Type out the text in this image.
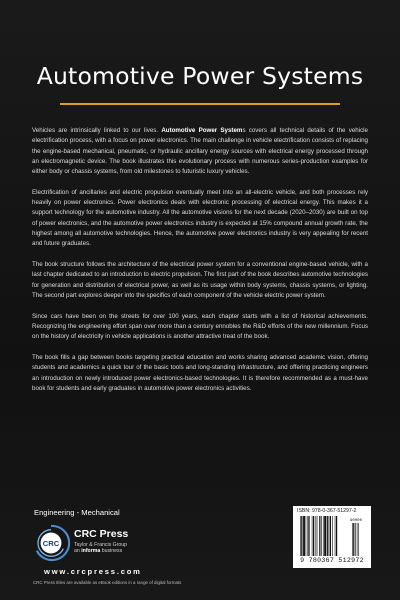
Automotive Power Systems

Vehicles are intrinsically linked to our lives. Automotive Power Systems covers all technical details of the vehicle electrification process, with a focus on power electronics. The main challenge in vehicle electrification consists of replacing the engine-based mechanical, pneumatic, or hydraulic ancillary energy sources with electrical energy processed through an electromagnetic device. The book illustrates this evolutionary process with numerous series-production examples for either body or chassis systems, from old milestones to futuristic luxury vehicles.

Electrification of ancillaries and electric propulsion eventually meet into an all-electric vehicle, and both processes rely heavily on power electronics. Power electronics deals with electronic processing of electrical energy. This makes it a support technology for the automotive industry. All the automotive visions for the next decade (2020–2030) are built on top of power electronics, and the automotive power electronics industry is expected at 15% compound annual growth rate, the highest among all automotive technologies. Hence, the automotive power electronics industry is very appealing for recent and future graduates.

The book structure follows the architecture of the electrical power system for a conventional engine-based vehicle, with a last chapter dedicated to an introduction to electric propulsion. The first part of the book describes automotive technologies for generation and distribution of electrical power, as well as its usage within body systems, chassis systems, or lighting. The second part explores deeper into the specifics of each component of the vehicle electric power system.

Since cars have been on the streets for over 100 years, each chapter starts with a list of historical achievements. Recognizing the engineering effort span over more than a century ennobles the R&D efforts of the new millennium. Focus on the history of electricity in vehicle applications is another attractive treat of the book.

The book fills a gap between books targeting practical education and works sharing advanced academic vision, offering students and academics a quick tour of the basic tools and long-standing infrastructure, and offering practicing engineers an introduction on newly introduced power electronics-based technologies. It is therefore recommended as a must-have book for students and early graduates in automotive power electronics activities.

Engineering - Mechanical
CRC
CRC Press
Taylor & Francis Group
an informa business
www.crcpress.com
CRC Press titles are available as eBook editions in a range of digital formats
ISBN: 978-0-367-51297-2
90000
9 780367 512972
